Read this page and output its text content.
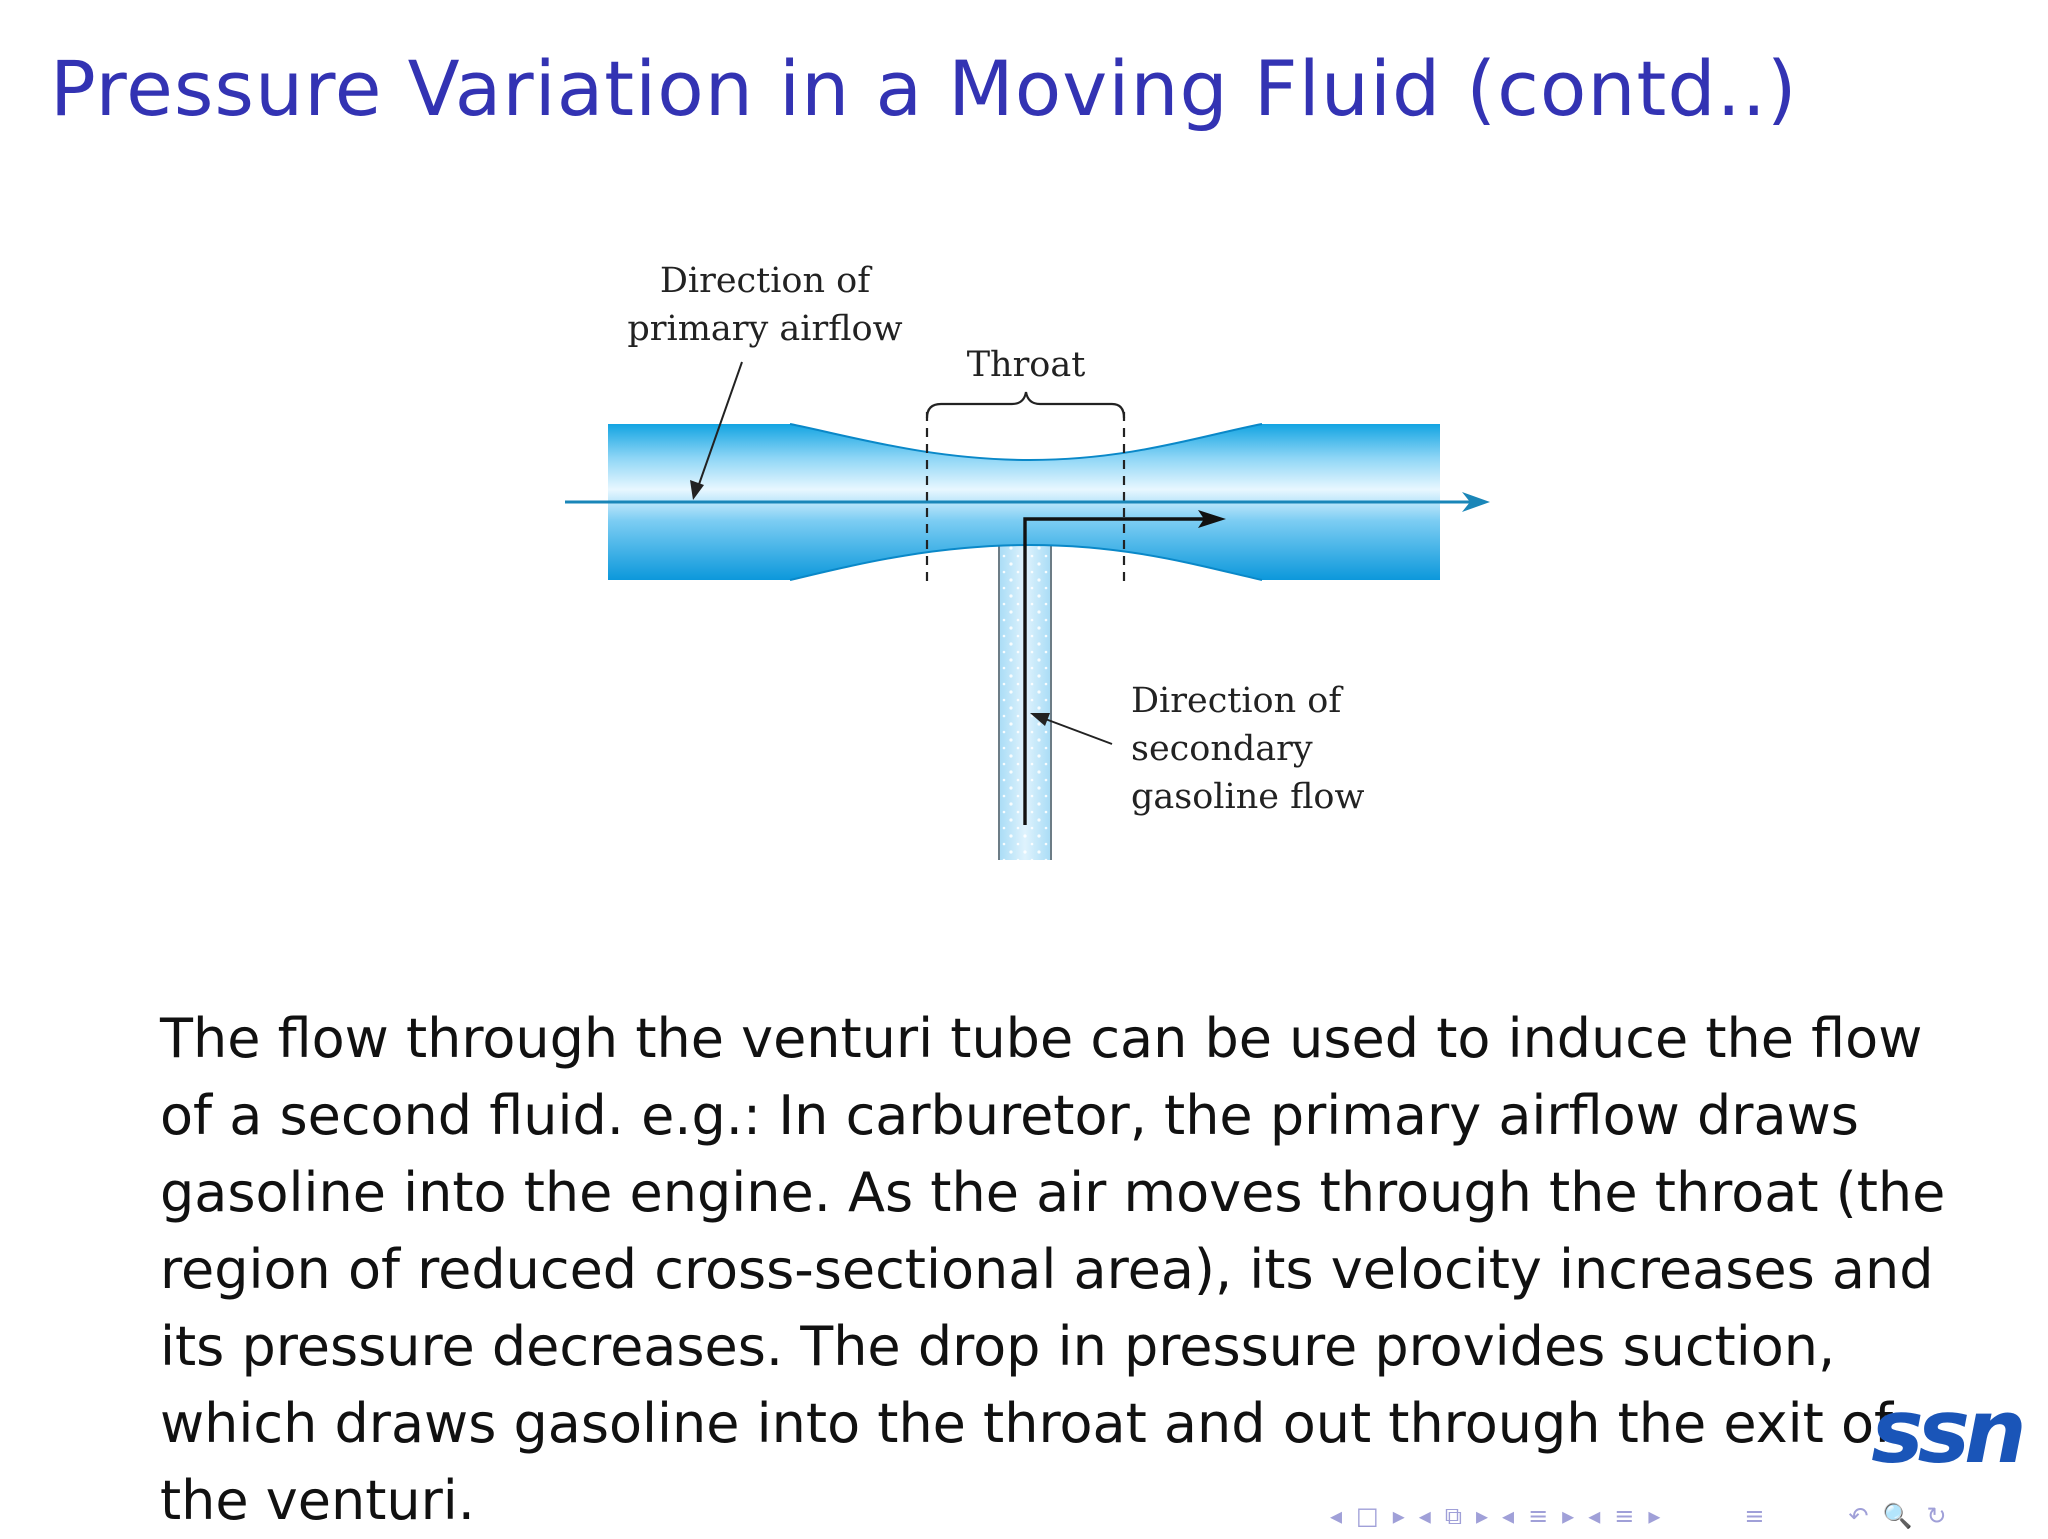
Pressure Variation in a Moving Fluid (contd..)
Direction of
primary airflow
Throat
Direction of
secondary
gasoline flow

The flow through the venturi tube can be used to induce the flow
of a second fluid. e.g.: In carburetor, the primary airflow draws
gasoline into the engine. As the air moves through the throat (the
region of reduced cross-sectional area), its velocity increases and
its pressure decreases. The drop in pressure provides suction,
which draws gasoline into the throat and out through the exit of
the venturi.

ssn
◂ □ ▸ ◂ ⧉ ▸ ◂ ≡ ▸ ◂ ≡ ▸	≡	↶ 🔍 ↻
